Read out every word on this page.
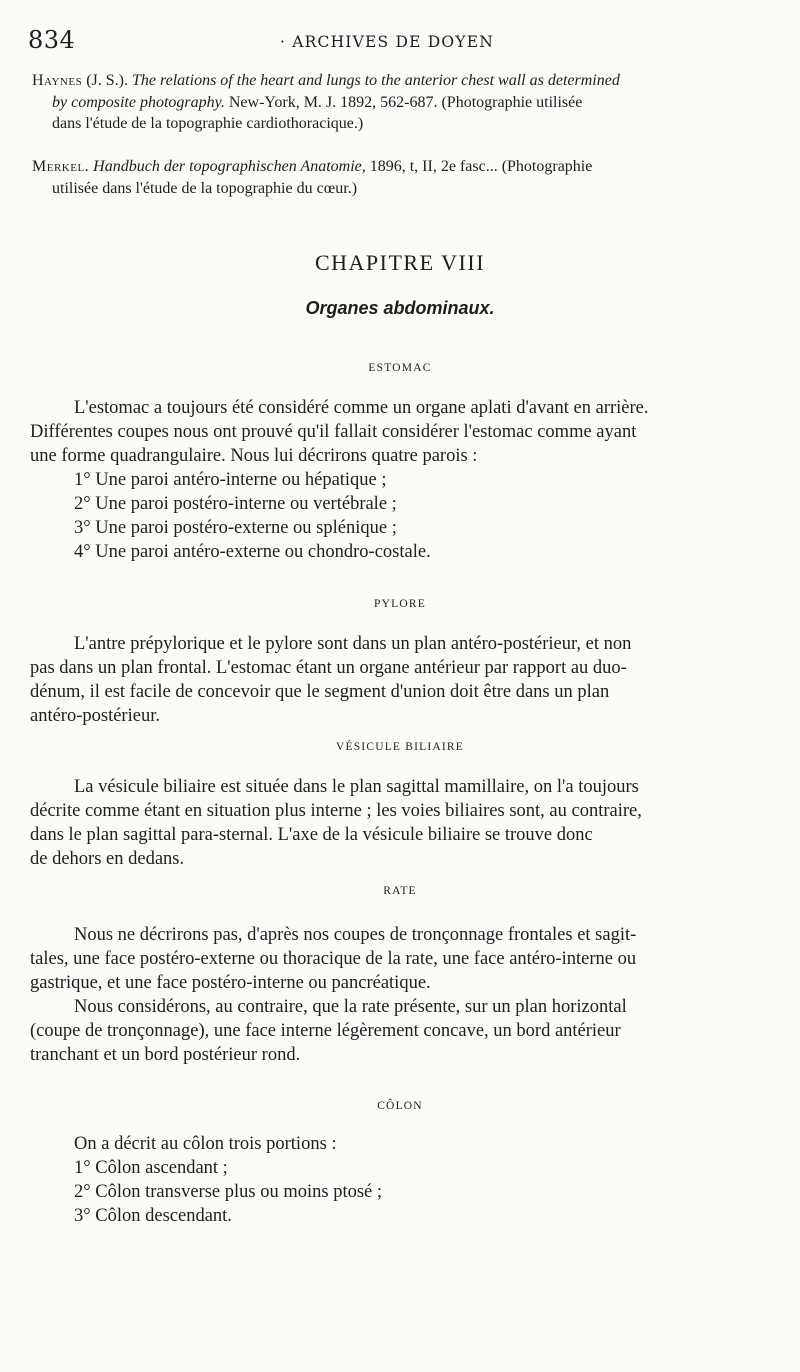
834	· ARCHIVES DE DOYEN
Haynes (J. S.). The relations of the heart and lungs to the anterior chest wall as determined
by composite photography. New-York, M. J. 1892, 562-687. (Photographie utilisée
dans l'étude de la topographie cardiothoracique.)
Merkel. Handbuch der topographischen Anatomie, 1896, t, II, 2e fasc... (Photographie
utilisée dans l'étude de la topographie du cœur.)
CHAPITRE VIII
Organes abdominaux.
ESTOMAC
L'estomac a toujours été considéré comme un organe aplati d'avant en arrière.
Différentes coupes nous ont prouvé qu'il fallait considérer l'estomac comme ayant
une forme quadrangulaire. Nous lui décrirons quatre parois :
1° Une paroi antéro-interne ou hépatique ;
2° Une paroi postéro-interne ou vertébrale ;
3° Une paroi postéro-externe ou splénique ;
4° Une paroi antéro-externe ou chondro-costale.
PYLORE
L'antre prépylorique et le pylore sont dans un plan antéro-postérieur, et non
pas dans un plan frontal. L'estomac étant un organe antérieur par rapport au duo-
dénum, il est facile de concevoir que le segment d'union doit être dans un plan
antéro-postérieur.
VÉSICULE BILIAIRE
La vésicule biliaire est située dans le plan sagittal mamillaire, on l'a toujours
décrite comme étant en situation plus interne ; les voies biliaires sont, au contraire,
dans le plan sagittal para-sternal. L'axe de la vésicule biliaire se trouve donc
de dehors en dedans.
RATE
Nous ne décrirons pas, d'après nos coupes de tronçonnage frontales et sagit-
tales, une face postéro-externe ou thoracique de la rate, une face antéro-interne ou
gastrique, et une face postéro-interne ou pancréatique.
Nous considérons, au contraire, que la rate présente, sur un plan horizontal
(coupe de tronçonnage), une face interne légèrement concave, un bord antérieur
tranchant et un bord postérieur rond.
CÔLON
On a décrit au côlon trois portions :
1° Côlon ascendant ;
2° Côlon transverse plus ou moins ptosé ;
3° Côlon descendant.
